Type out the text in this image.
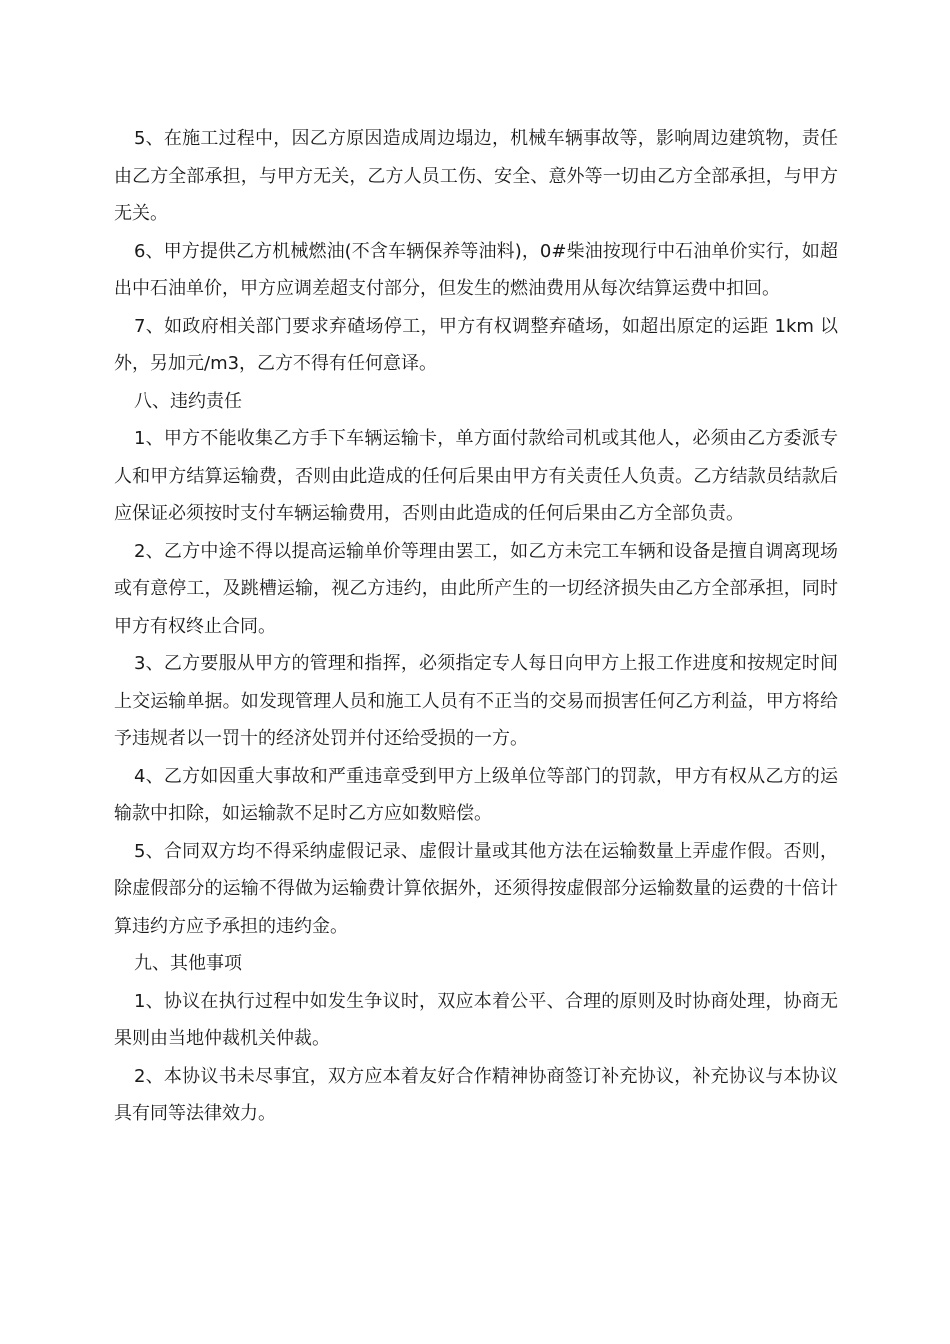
5、在施工过程中，因乙方原因造成周边塌边，机械车辆事故等，影响周边建筑物，责任由乙方全部承担，与甲方无关，乙方人员工伤、安全、意外等一切由乙方全部承担，与甲方无关。

6、甲方提供乙方机械燃油(不含车辆保养等油料)，0#柴油按现行中石油单价实行，如超出中石油单价，甲方应调差超支付部分，但发生的燃油费用从每次结算运费中扣回。

7、如政府相关部门要求弃碴场停工，甲方有权调整弃碴场，如超出原定的运距 1km 以外，另加元/m3，乙方不得有任何意译。

八、违约责任

1、甲方不能收集乙方手下车辆运输卡，单方面付款给司机或其他人，必须由乙方委派专人和甲方结算运输费，否则由此造成的任何后果由甲方有关责任人负责。乙方结款员结款后应保证必须按时支付车辆运输费用，否则由此造成的任何后果由乙方全部负责。

2、乙方中途不得以提高运输单价等理由罢工，如乙方未完工车辆和设备是擅自调离现场或有意停工，及跳槽运输，视乙方违约，由此所产生的一切经济损失由乙方全部承担，同时甲方有权终止合同。

3、乙方要服从甲方的管理和指挥，必须指定专人每日向甲方上报工作进度和按规定时间上交运输单据。如发现管理人员和施工人员有不正当的交易而损害任何乙方利益，甲方将给予违规者以一罚十的经济处罚并付还给受损的一方。

4、乙方如因重大事故和严重违章受到甲方上级单位等部门的罚款，甲方有权从乙方的运输款中扣除，如运输款不足时乙方应如数赔偿。

5、合同双方均不得采纳虚假记录、虚假计量或其他方法在运输数量上弄虚作假。否则，除虚假部分的运输不得做为运输费计算依据外，还须得按虚假部分运输数量的运费的十倍计算违约方应予承担的违约金。

九、其他事项

1、协议在执行过程中如发生争议时，双应本着公平、合理的原则及时协商处理，协商无果则由当地仲裁机关仲裁。

2、本协议书未尽事宜，双方应本着友好合作精神协商签订补充协议，补充协议与本协议具有同等法律效力。
